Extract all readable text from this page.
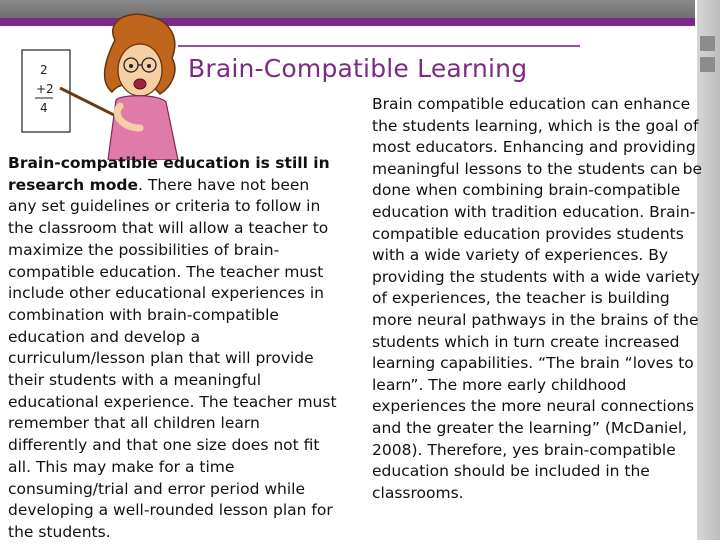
2
+2
4
Brain-Compatible Learning
Brain-compatible education is still in research mode. There have not been any set guidelines or criteria to follow in the classroom that will allow a teacher to maximize the possibilities of brain-compatible education. The teacher must include other educational experiences in combination with brain-compatible education and develop a curriculum/lesson plan that will provide their students with a meaningful educational experience. The teacher must remember that all children learn differently and that one size does not fit all. This may make for a time consuming/trial and error period while developing a well-rounded lesson plan for the students.
Brain compatible education can enhance the students learning, which is the goal of most educators. Enhancing and providing meaningful lessons to the students can be done when combining brain-compatible education with tradition education. Brain-compatible education provides students with a wide variety of experiences. By providing the students with a wide variety of experiences, the teacher is building more neural pathways in the brains of the students which in turn create increased learning capabilities. “The brain “loves to learn”. The more early childhood experiences the more neural connections and the greater the learning” (McDaniel, 2008). Therefore, yes brain-compatible education should be included in the classrooms.
